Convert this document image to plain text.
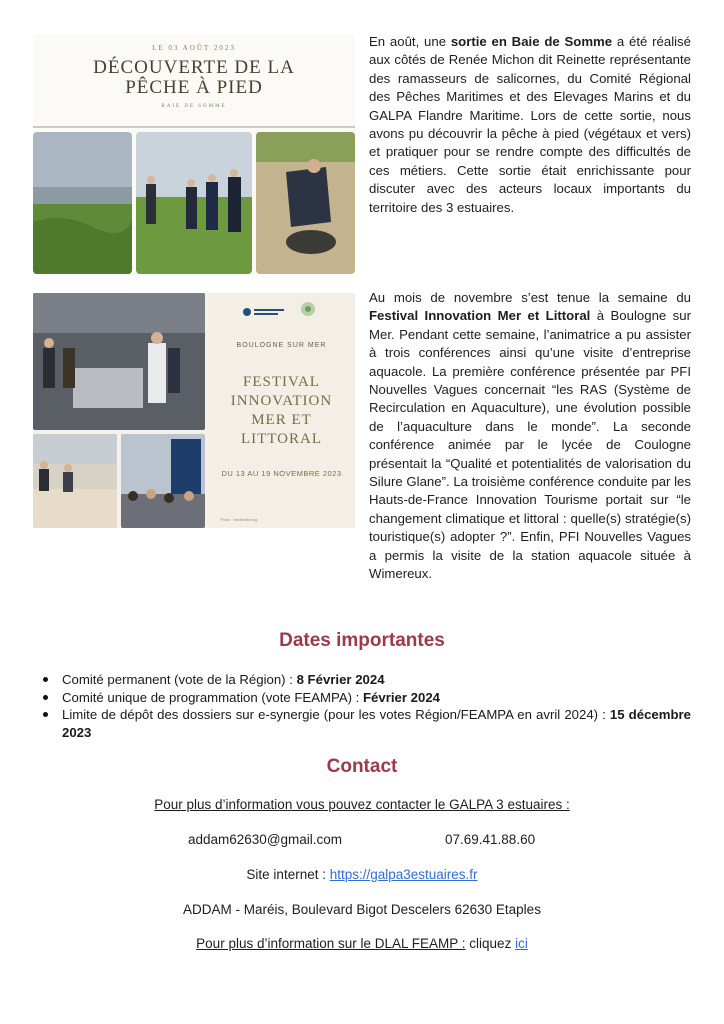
LE 03 AOÛT 2023
DÉCOUVERTE DE LA
PÊCHE À PIED
BAIE DE SOMME
En août, une sortie en Baie de Somme a été réalisé aux côtés de Renée Michon dit Reinette représentante des ramasseurs de salicornes, du Comité Régional des Pêches Maritimes et des Elevages Marins et du GALPA Flandre Maritime. Lors de cette sortie, nous avons pu découvrir la pêche à pied (végétaux et vers) et pratiquer pour se rendre compte des difficultés de ces métiers. Cette sortie était enrichissante pour discuter avec des acteurs locaux importants du territoire des 3 estuaires.
BOULOGNE SUR MER
FESTIVAL
INNOVATION
MER ET
LITTORAL
DU 13 AU 19 NOVEMBRE 2023
Photo : frederiekeurg
Au mois de novembre s’est tenue la semaine du Festival Innovation Mer et Littoral à Boulogne sur Mer. Pendant cette semaine, l’animatrice a pu assister à trois conférences ainsi qu’une visite d’entreprise aquacole. La première conférence présentée par PFI Nouvelles Vagues concernait “les RAS (Système de Recirculation en Aquaculture), une évolution possible de l’aquaculture dans le monde”. La seconde conférence animée par le lycée de Coulogne présentait la “Qualité et potentialités de valorisation du Silure Glane”. La troisième conférence conduite par les Hauts-de-France Innovation Tourisme portait sur “le changement climatique et littoral : quelle(s) stratégie(s) touristique(s) adopter ?”. Enfin, PFI Nouvelles Vagues a permis la visite de la station aquacole située à Wimereux.
Dates importantes
Comité permanent (vote de la Région) : 8 Février 2024
Comité unique de programmation (vote FEAMPA) : Février 2024
Limite de dépôt des dossiers sur e-synergie (pour les votes Région/FEAMPA en avril 2024) : 15 décembre 2023
Contact
Pour plus d’information vous pouvez contacter le GALPA 3 estuaires :
addam62630@gmail.com	07.69.41.88.60
Site internet : https://galpa3estuaires.fr
ADDAM - Maréis, Boulevard Bigot Descelers 62630 Etaples
Pour plus d’information sur le DLAL FEAMP : cliquez ici
